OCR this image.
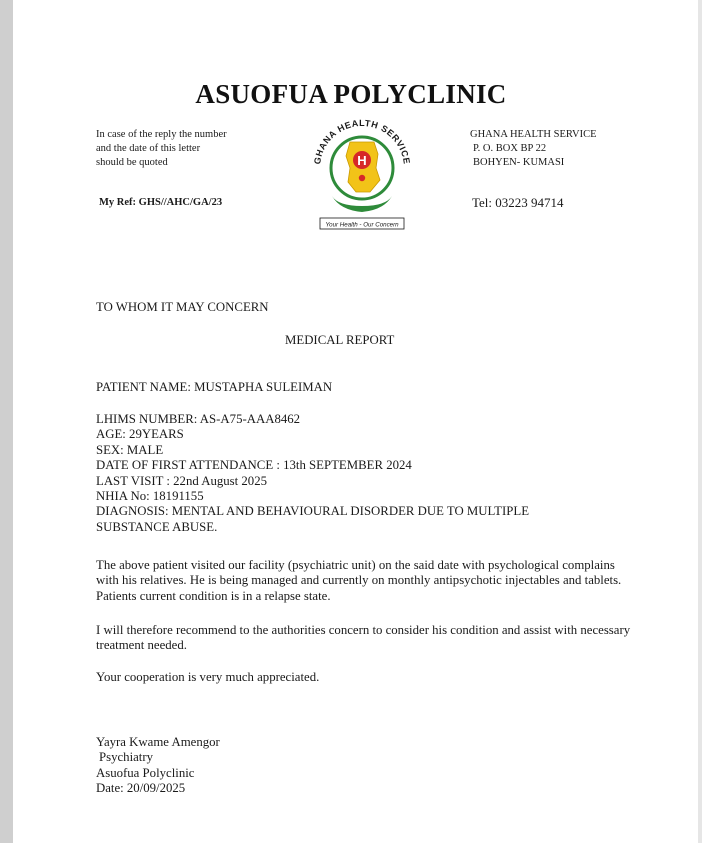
ASUOFUA POLYCLINIC
In case of the reply the number
and the date of this letter
should be quoted
GHANA HEALTH SERVICE
P. O. BOX BP 22
BOHYEN- KUMASI
My Ref: GHS//AHC/GA/23	Tel: 03223 94714
GHANA HEALTH SERVICE
H
Your Health - Our Concern
TO WHOM IT MAY CONCERN
MEDICAL REPORT
PATIENT NAME: MUSTAPHA SULEIMAN
LHIMS NUMBER: AS-A75-AAA8462
AGE: 29YEARS
SEX: MALE
DATE OF FIRST ATTENDANCE : 13th SEPTEMBER 2024
LAST VISIT : 22nd August 2025
NHIA No: 18191155
DIAGNOSIS: MENTAL AND BEHAVIOURAL DISORDER DUE TO MULTIPLE
SUBSTANCE ABUSE.
The above patient visited our facility (psychiatric unit) on the said date with psychological complains with his relatives. He is being managed and currently on monthly antipsychotic injectables and tablets. Patients current condition is in a relapse state.
I will therefore recommend to the authorities concern to consider his condition and assist with necessary treatment needed.
Your cooperation is very much appreciated.
Yayra Kwame Amengor
Psychiatry
Asuofua Polyclinic
Date: 20/09/2025
